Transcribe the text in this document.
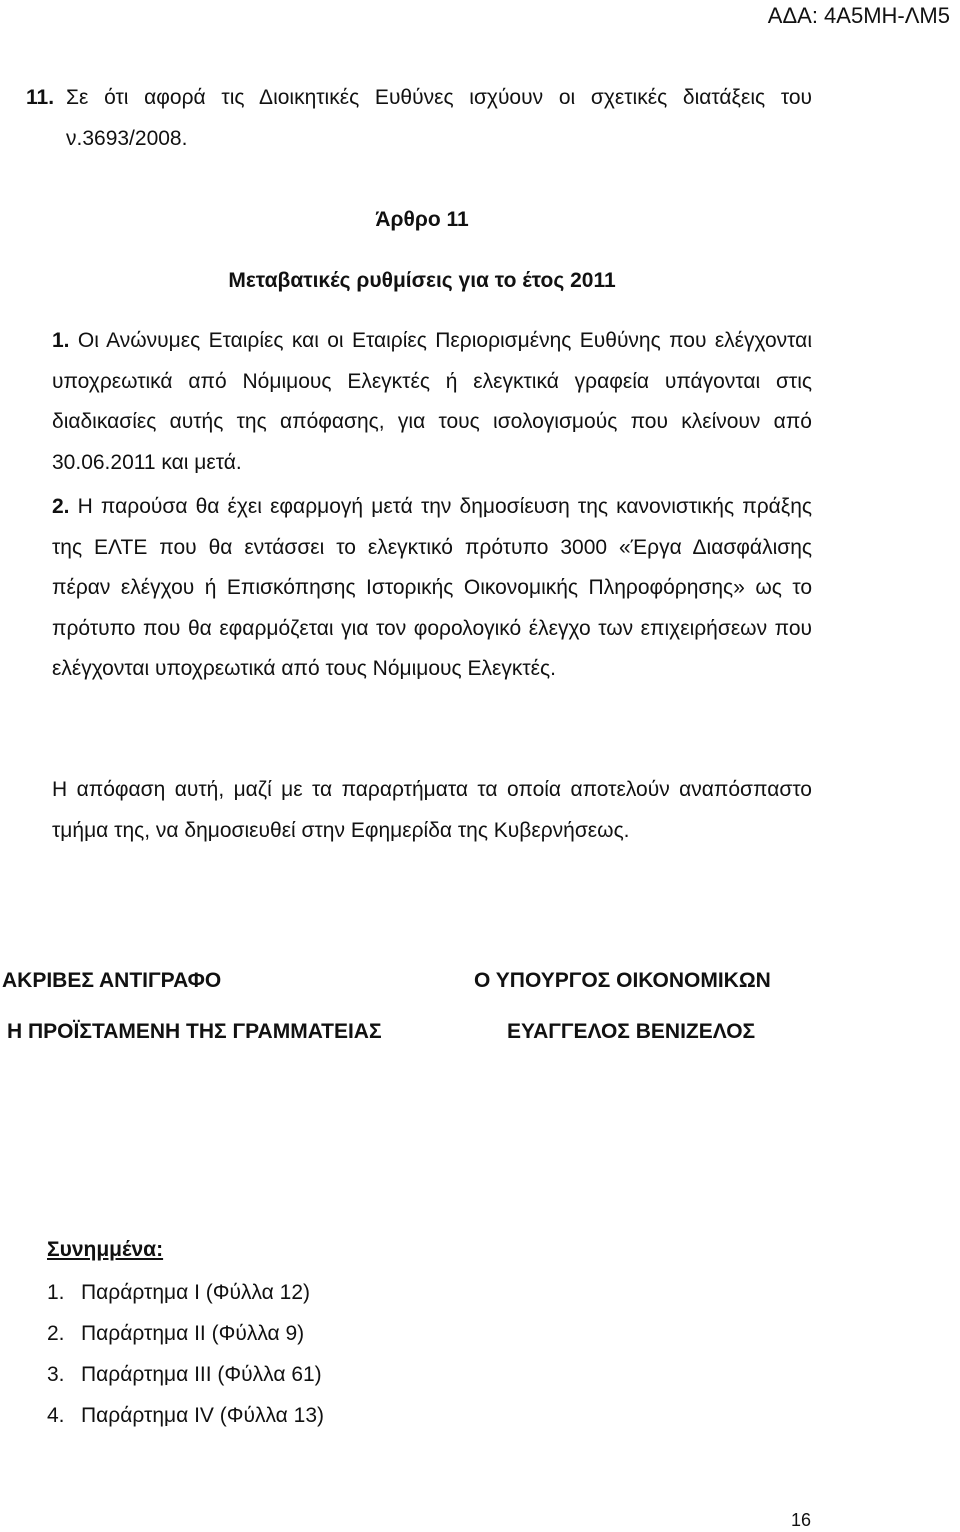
ΑΔΑ: 4Α5ΜΗ-ΛΜ5

11. Σε ότι αφορά τις Διοικητικές Ευθύνες ισχύουν οι σχετικές διατάξεις του ν.3693/2008.

Άρθρο 11
Μεταβατικές ρυθμίσεις για το έτος 2011

1. Οι Ανώνυμες Εταιρίες και οι Εταιρίες Περιορισμένης Ευθύνης που ελέγχονται υποχρεωτικά από Νόμιμους Ελεγκτές ή ελεγκτικά γραφεία υπάγονται στις διαδικασίες αυτής της απόφασης, για τους ισολογισμούς που κλείνουν από 30.06.2011 και μετά.

2. Η παρούσα θα έχει εφαρμογή μετά την δημοσίευση της κανονιστικής πράξης της ΕΛΤΕ που θα εντάσσει το ελεγκτικό πρότυπο 3000 «Έργα Διασφάλισης πέραν ελέγχου ή Επισκόπησης Ιστορικής Οικονομικής Πληροφόρησης» ως το πρότυπο που θα εφαρμόζεται για τον φορολογικό έλεγχο των επιχειρήσεων που ελέγχονται υποχρεωτικά από τους Νόμιμους Ελεγκτές.

Η απόφαση αυτή, μαζί με τα παραρτήματα τα οποία αποτελούν αναπόσπαστο τμήμα της, να δημοσιευθεί στην Εφημερίδα της Κυβερνήσεως.

ΑΚΡΙΒΕΣ ΑΝΤΙΓΡΑΦΟ
Η ΠΡΟΪΣΤΑΜΕΝΗ ΤΗΣ ΓΡΑΜΜΑΤΕΙΑΣ
Ο ΥΠΟΥΡΓΟΣ ΟΙΚΟΝΟΜΙΚΩΝ
ΕΥΑΓΓΕΛΟΣ ΒΕΝΙΖΕΛΟΣ
Συνημμένα:
1. Παράρτημα Ι (Φύλλα 12)
2. Παράρτημα ΙΙ (Φύλλα 9)
3. Παράρτημα ΙΙΙ (Φύλλα 61)
4. Παράρτημα IV (Φύλλα 13)
16
